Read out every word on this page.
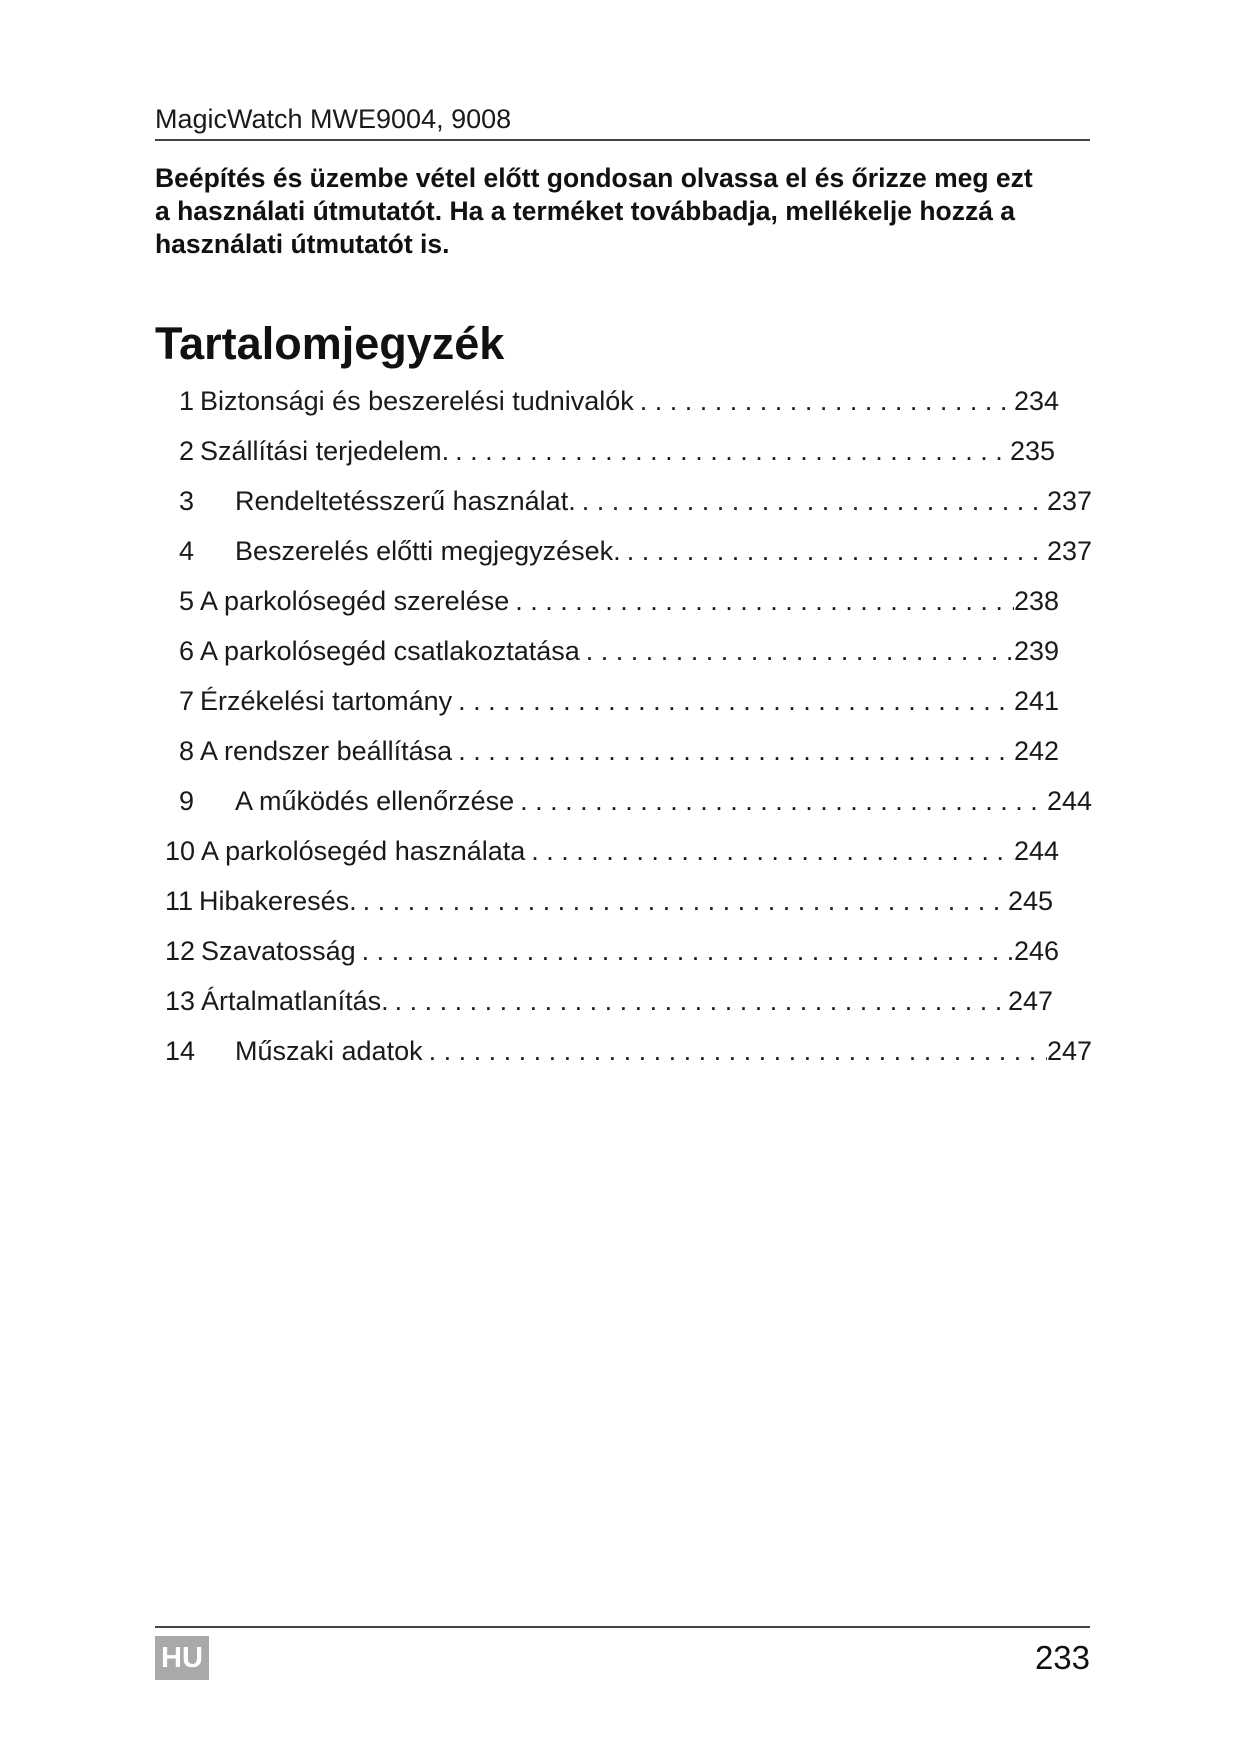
MagicWatch MWE9004, 9008
Beépítés és üzembe vétel előtt gondosan olvassa el és őrizze meg ezt
a használati útmutatót. Ha a terméket továbbadja, mellékelje hozzá a
használati útmutatót is.
Tartalomjegyzék
1 Biztonsági és beszerelési tudnivalók . . .	234
2 Szállítási terjedelem. . . .	235
3	Rendeltetésszerű használat. . . .	237
4	Beszerelés előtti megjegyzések. . . .	237
5 A parkolósegéd szerelése . . .	238
6 A parkolósegéd csatlakoztatása . . .	239
7 Érzékelési tartomány . . .	241
8 A rendszer beállítása . . .	242
9	A működés ellenőrzése . . .	244
10 A parkolósegéd használata . . .	244
11 Hibakeresés. . . .	245
12 Szavatosság . . .	246
13 Ártalmatlanítás. . . .	247
14	Műszaki adatok . . .	247
HU	233
